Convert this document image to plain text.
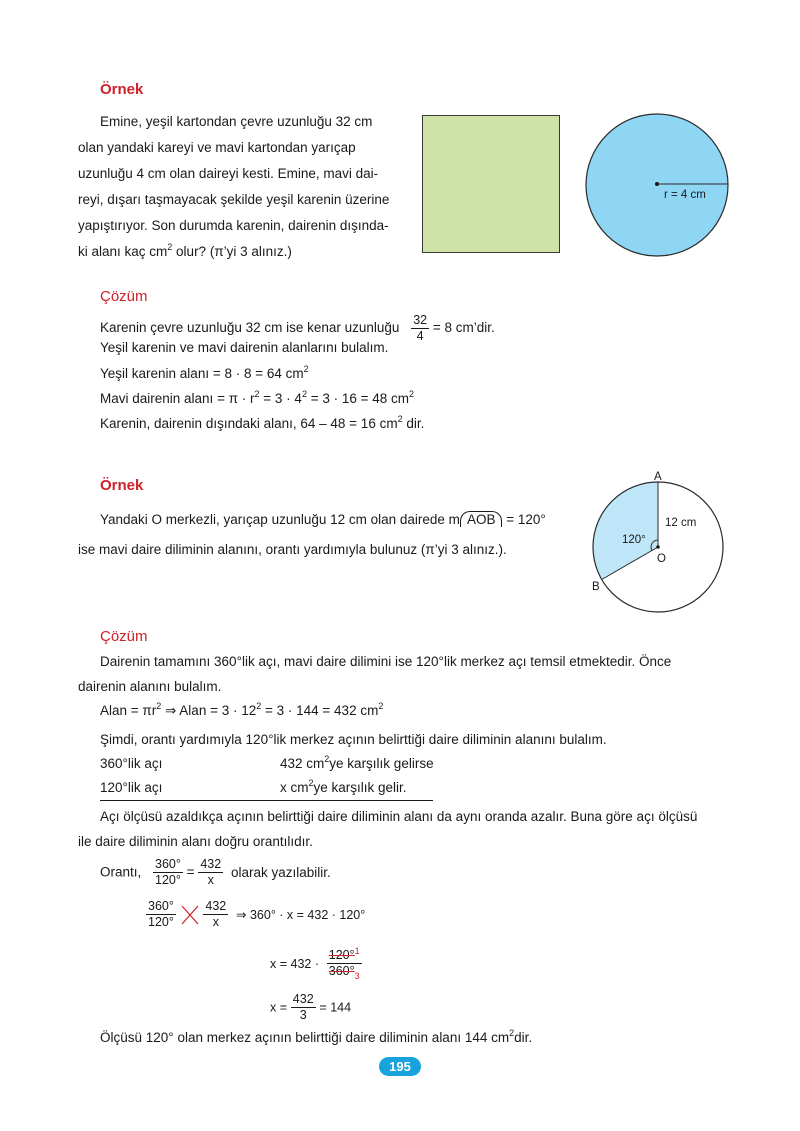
Örnek
Emine, yeşil kartondan çevre uzunluğu 32 cm
olan yandaki kareyi ve mavi kartondan yarıçap
uzunluğu 4 cm olan daireyi kesti. Emine, mavi dai-
reyi, dışarı taşmayacak şekilde yeşil karenin üzerine
yapıştırıyor. Son durumda karenin, dairenin dışında-
ki alanı kaç $cm^2$ olur? (π’yi 3 alınız.)
r = 4 cm
Çözüm
Karenin çevre uzunluğu 32 cm ise kenar uzunluğu $\frac{32}{4} = 8$ cm’dir.
Yeşil karenin ve mavi dairenin alanlarını bulalım.
Yeşil karenin alanı = 8 · 8 = 64 $cm^2$
Mavi dairenin alanı = $\pi \cdot r^2 = 3 \cdot 4^2 = 3 \cdot 16 = 48$ $cm^2$
Karenin, dairenin dışındaki alanı, 64 – 48 = 16 $cm^2$ dir.
Örnek
Yandaki O merkezli, yarıçap uzunluğu 12 cm olan dairede m AOB = 120°
ise mavi daire diliminin alanını, orantı yardımıyla bulunuz (π’yi 3 alınız.).
A
B
O
12 cm
120°
Çözüm
Dairenin tamamını 360°lik açı, mavi daire dilimini ise 120°lik merkez açı temsil etmektedir. Önce
dairenin alanını bulalım.
Alan = $\pi r^2$ ⇒ Alan = $3 \cdot 12^2 = 3 \cdot 144 = 432$ $cm^2$
Şimdi, orantı yardımıyla 120°lik merkez açının belirttiği daire diliminin alanını bulalım.
360°lik açı	432 $cm^2ye$ karşılık gelirse
120°lik açı	x $cm^2ye$ karşılık gelir.
Açı ölçüsü azaldıkça açının belirttiği daire diliminin alanı da aynı oranda azalır. Buna göre açı ölçüsü
ile daire diliminin alanı doğru orantılıdır.
Orantı, $\frac{360^\circ}{120^\circ} = \frac{432}{x}$ olarak yazılabilir.
$\frac{360^\circ}{120^\circ}$

$\frac{432}{x}$ ⇒ 360° · x = 432 · 120°
$x = 432 \cdot \frac{120^\circ^1}{360^\circ_3}$
$x = \frac{432}{3} = 144$
Ölçüsü 120° olan merkez açının belirttiği daire diliminin alanı 144 $cm^2dir$.
195
